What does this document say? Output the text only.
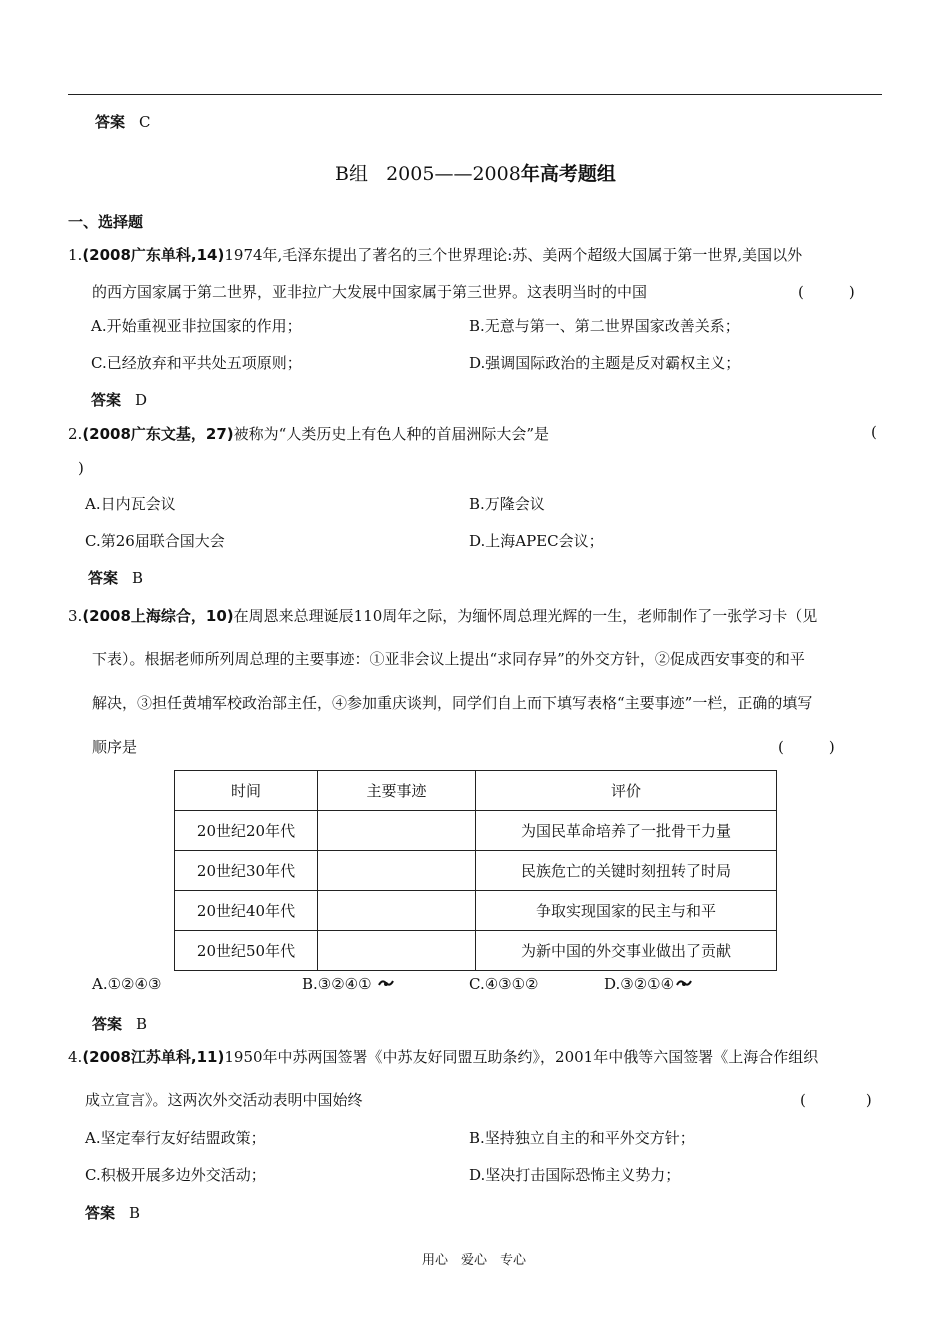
答案 C
B组 2005——2008年高考题组
一、选择题
1.(2008广东单科,14)1974年,毛泽东提出了著名的三个世界理论:苏、美两个超级大国属于第一世界,美国以外
的西方国家属于第二世界，亚非拉广大发展中国家属于第三世界。这表明当时的中国	(　　　)
A.开始重视亚非拉国家的作用；	B.无意与第一、第二世界国家改善关系；
C.已经放弃和平共处五项原则；	D.强调国际政治的主题是反对霸权主义；
答案 D
2.(2008广东文基，27)被称为“人类历史上有色人种的首届洲际大会”是	(
)
A.日内瓦会议	B.万隆会议
C.第26届联合国大会	D.上海APEC会议；
答案 B
3.(2008上海综合，10)在周恩来总理诞辰110周年之际，为缅怀周总理光辉的一生，老师制作了一张学习卡（见
下表）。根据老师所列周总理的主要事迹：①亚非会议上提出“求同存异”的外交方针，②促成西安事变的和平
解决，③担任黄埔军校政治部主任，④参加重庆谈判，同学们自上而下填写表格“主要事迹”一栏，正确的填写
顺序是	(　　　)
时间	主要事迹	评价
20世纪20年代		为国民革命培养了一批骨干力量
20世纪30年代		民族危亡的关键时刻扭转了时局
20世纪40年代		争取实现国家的民主与和平
20世纪50年代		为新中国的外交事业做出了贡献
A.①②④③	B.③②④①	C.④③①②	D.③②①④
答案 B
4.(2008江苏单科,11)1950年中苏两国签署《中苏友好同盟互助条约》，2001年中俄等六国签署《上海合作组织
成立宣言》。这两次外交活动表明中国始终	(　　　　)
A.坚定奉行友好结盟政策；	B.坚持独立自主的和平外交方针；
C.积极开展多边外交活动；	D.坚决打击国际恐怖主义势力；
答案 B
用心　爱心　专心
